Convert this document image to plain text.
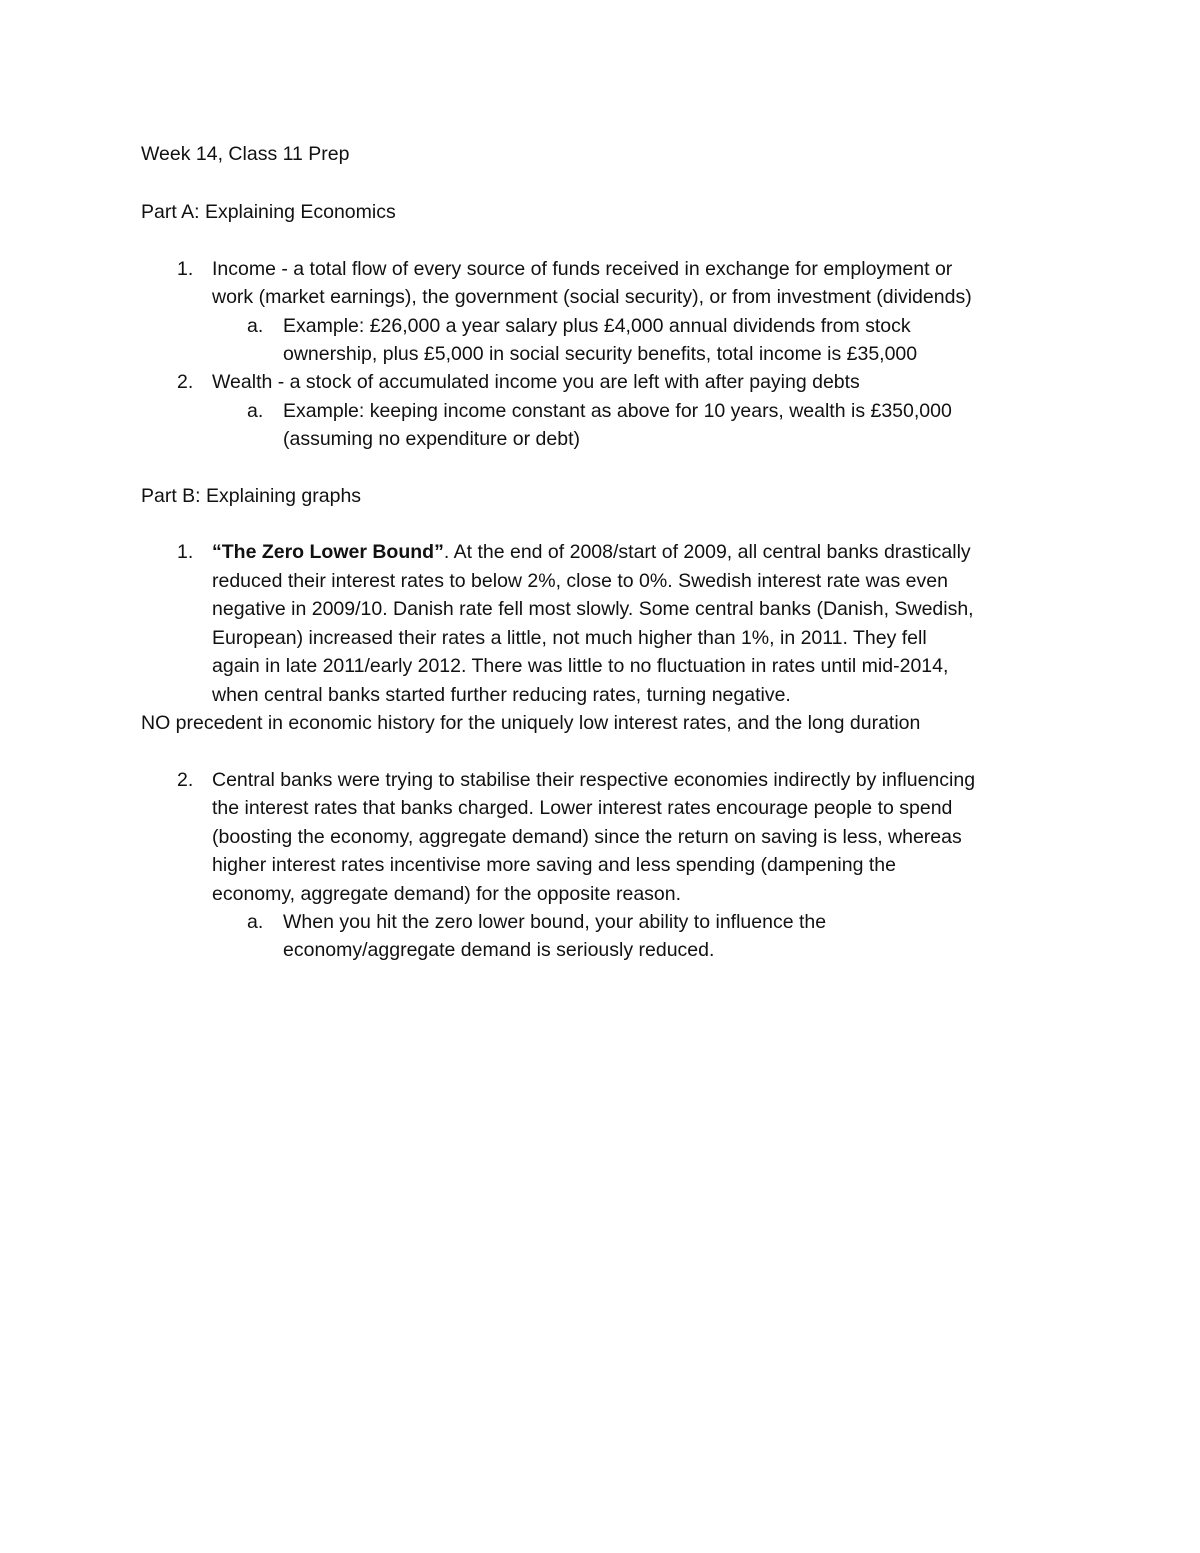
Week 14, Class 11 Prep
Part A: Explaining Economics
1. Income - a total flow of every source of funds received in exchange for employment or
work (market earnings), the government (social security), or from investment (dividends)
a. Example: £26,000 a year salary plus £4,000 annual dividends from stock
ownership, plus £5,000 in social security benefits, total income is £35,000
2. Wealth - a stock of accumulated income you are left with after paying debts
a. Example: keeping income constant as above for 10 years, wealth is £350,000
(assuming no expenditure or debt)
Part B: Explaining graphs
1. “The Zero Lower Bound”. At the end of 2008/start of 2009, all central banks drastically
reduced their interest rates to below 2%, close to 0%. Swedish interest rate was even
negative in 2009/10. Danish rate fell most slowly. Some central banks (Danish, Swedish,
European) increased their rates a little, not much higher than 1%, in 2011. They fell
again in late 2011/early 2012. There was little to no fluctuation in rates until mid-2014,
when central banks started further reducing rates, turning negative.
NO precedent in economic history for the uniquely low interest rates, and the long duration
2. Central banks were trying to stabilise their respective economies indirectly by influencing
the interest rates that banks charged. Lower interest rates encourage people to spend
(boosting the economy, aggregate demand) since the return on saving is less, whereas
higher interest rates incentivise more saving and less spending (dampening the
economy, aggregate demand) for the opposite reason.
a. When you hit the zero lower bound, your ability to influence the
economy/aggregate demand is seriously reduced.
